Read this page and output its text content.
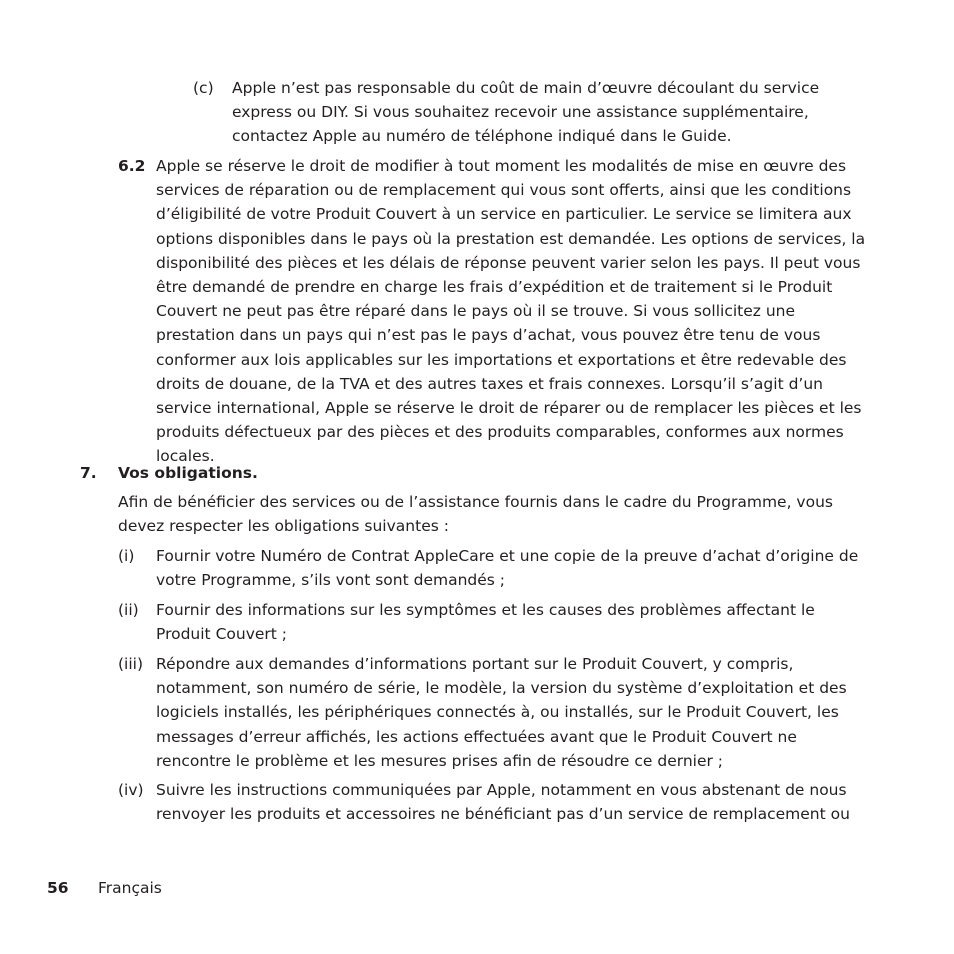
(c) Apple n’est pas responsable du coût de main d’œuvre découlant du service express ou DIY. Si vous souhaitez recevoir une assistance supplémentaire, contactez Apple au numéro de téléphone indiqué dans le Guide.

6.2 Apple se réserve le droit de modifier à tout moment les modalités de mise en œuvre des services de réparation ou de remplacement qui vous sont offerts, ainsi que les conditions d’éligibilité de votre Produit Couvert à un service en particulier. Le service se limitera aux options disponibles dans le pays où la prestation est demandée. Les options de services, la disponibilité des pièces et les délais de réponse peuvent varier selon les pays. Il peut vous être demandé de prendre en charge les frais d’expédition et de traitement si le Produit Couvert ne peut pas être réparé dans le pays où il se trouve. Si vous sollicitez une prestation dans un pays qui n’est pas le pays d’achat, vous pouvez être tenu de vous conformer aux lois applicables sur les importations et exportations et être redevable des droits de douane, de la TVA et des autres taxes et frais connexes. Lorsqu’il s’agit d’un service international, Apple se réserve le droit de réparer ou de remplacer les pièces et les produits défectueux par des pièces et des produits comparables, conformes aux normes locales.

7. Vos obligations.

Afin de bénéficier des services ou de l’assistance fournis dans le cadre du Programme, vous devez respecter les obligations suivantes :

(i) Fournir votre Numéro de Contrat AppleCare et une copie de la preuve d’achat d’origine de votre Programme, s’ils vont sont demandés ;

(ii) Fournir des informations sur les symptômes et les causes des problèmes affectant le Produit Couvert ;

(iii) Répondre aux demandes d’informations portant sur le Produit Couvert, y compris, notamment, son numéro de série, le modèle, la version du système d’exploitation et des logiciels installés, les périphériques connectés à, ou installés, sur le Produit Couvert, les messages d’erreur affichés, les actions effectuées avant que le Produit Couvert ne rencontre le problème et les mesures prises afin de résoudre ce dernier ;

(iv) Suivre les instructions communiquées par Apple, notamment en vous abstenant de nous renvoyer les produits et accessoires ne bénéficiant pas d’un service de remplacement ou

56 Français
